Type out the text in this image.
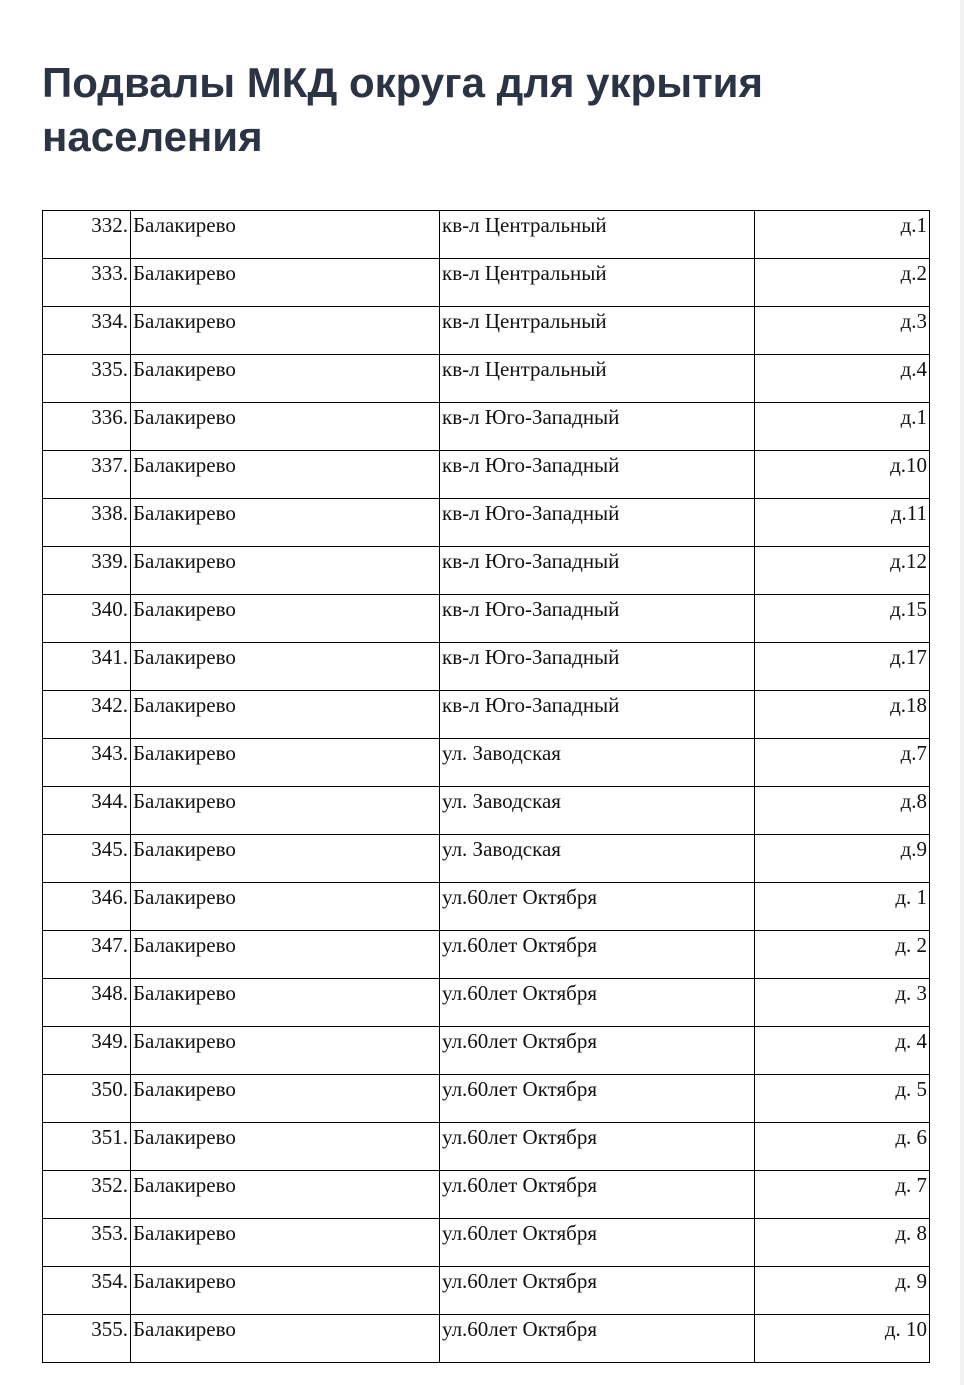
Подвалы МКД округа для укрытия населения
332.	Балакирево	кв-л Центральный	д.1
333.	Балакирево	кв-л Центральный	д.2
334.	Балакирево	кв-л Центральный	д.3
335.	Балакирево	кв-л Центральный	д.4
336.	Балакирево	кв-л Юго-Западный	д.1
337.	Балакирево	кв-л Юго-Западный	д.10
338.	Балакирево	кв-л Юго-Западный	д.11
339.	Балакирево	кв-л Юго-Западный	д.12
340.	Балакирево	кв-л Юго-Западный	д.15
341.	Балакирево	кв-л Юго-Западный	д.17
342.	Балакирево	кв-л Юго-Западный	д.18
343.	Балакирево	ул. Заводская	д.7
344.	Балакирево	ул. Заводская	д.8
345.	Балакирево	ул. Заводская	д.9
346.	Балакирево	ул.60лет Октября	д. 1
347.	Балакирево	ул.60лет Октября	д. 2
348.	Балакирево	ул.60лет Октября	д. 3
349.	Балакирево	ул.60лет Октября	д. 4
350.	Балакирево	ул.60лет Октября	д. 5
351.	Балакирево	ул.60лет Октября	д. 6
352.	Балакирево	ул.60лет Октября	д. 7
353.	Балакирево	ул.60лет Октября	д. 8
354.	Балакирево	ул.60лет Октября	д. 9
355.	Балакирево	ул.60лет Октября	д. 10
